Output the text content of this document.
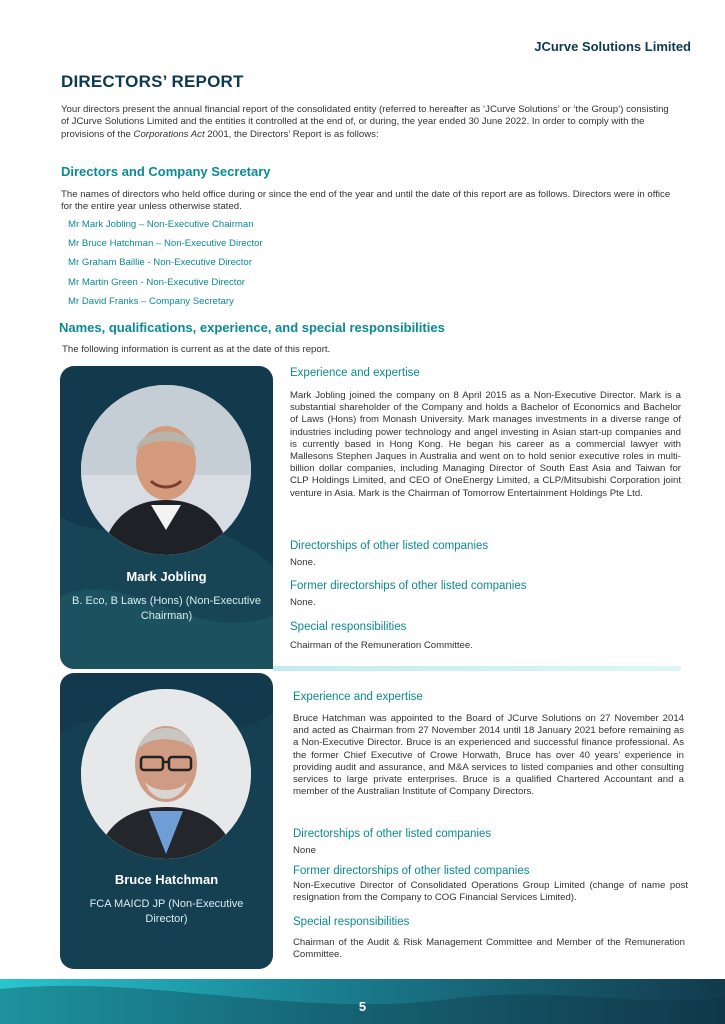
JCurve Solutions Limited
DIRECTORS’ REPORT

Your directors present the annual financial report of the consolidated entity (referred to hereafter as ‘JCurve Solutions’ or ‘the Group’) consisting of JCurve Solutions Limited and the entities it controlled at the end of, or during, the year ended 30 June 2022. In order to comply with the provisions of the Corporations Act 2001, the Directors’ Report is as follows:

Directors and Company Secretary

The names of directors who held office during or since the end of the year and until the date of this report are as follows. Directors were in office for the entire year unless otherwise stated.

Mr Mark Jobling – Non-Executive Chairman
Mr Bruce Hatchman – Non-Executive Director
Mr Graham Baillie - Non-Executive Director
Mr Martin Green - Non-Executive Director
Mr David Franks – Company Secretary
Names, qualifications, experience, and special responsibilities

The following information is current as at the date of this report.

Mark Jobling
B. Eco, B Laws (Hons) (Non-Executive Chairman)
Bruce Hatchman
FCA MAICD JP (Non-Executive Director)
Experience and expertise

Mark Jobling joined the company on 8 April 2015 as a Non-Executive Director. Mark is a substantial shareholder of the Company and holds a Bachelor of Economics and Bachelor of Laws (Hons) from Monash University. Mark manages investments in a diverse range of industries including power technology and angel investing in Asian start-up companies and is currently based in Hong Kong. He began his career as a commercial lawyer with Mallesons Stephen Jaques in Australia and went on to hold senior executive roles in multi-billion dollar companies, including Managing Director of South East Asia and Taiwan for CLP Holdings Limited, and CEO of OneEnergy Limited, a CLP/Mitsubishi Corporation joint venture in Asia. Mark is the Chairman of Tomorrow Entertainment Holdings Pte Ltd.

Directorships of other listed companies

None.

Former directorships of other listed companies

None.

Special responsibilities

Chairman of the Remuneration Committee.

Experience and expertise

Bruce Hatchman was appointed to the Board of JCurve Solutions on 27 November 2014 and acted as Chairman from 27 November 2014 until 18 January 2021 before remaining as a Non-Executive Director. Bruce is an experienced and successful finance professional. As the former Chief Executive of Crowe Horwath, Bruce has over 40 years’ experience in providing audit and assurance, and M&A services to listed companies and other consulting services to large private enterprises. Bruce is a qualified Chartered Accountant and a member of the Australian Institute of Company Directors.

Directorships of other listed companies

None

Former directorships of other listed companies

Non-Executive Director of Consolidated Operations Group Limited (change of name post resignation from the Company to COG Financial Services Limited).

Special responsibilities

Chairman of the Audit & Risk Management Committee and Member of the Remuneration Committee.

5
